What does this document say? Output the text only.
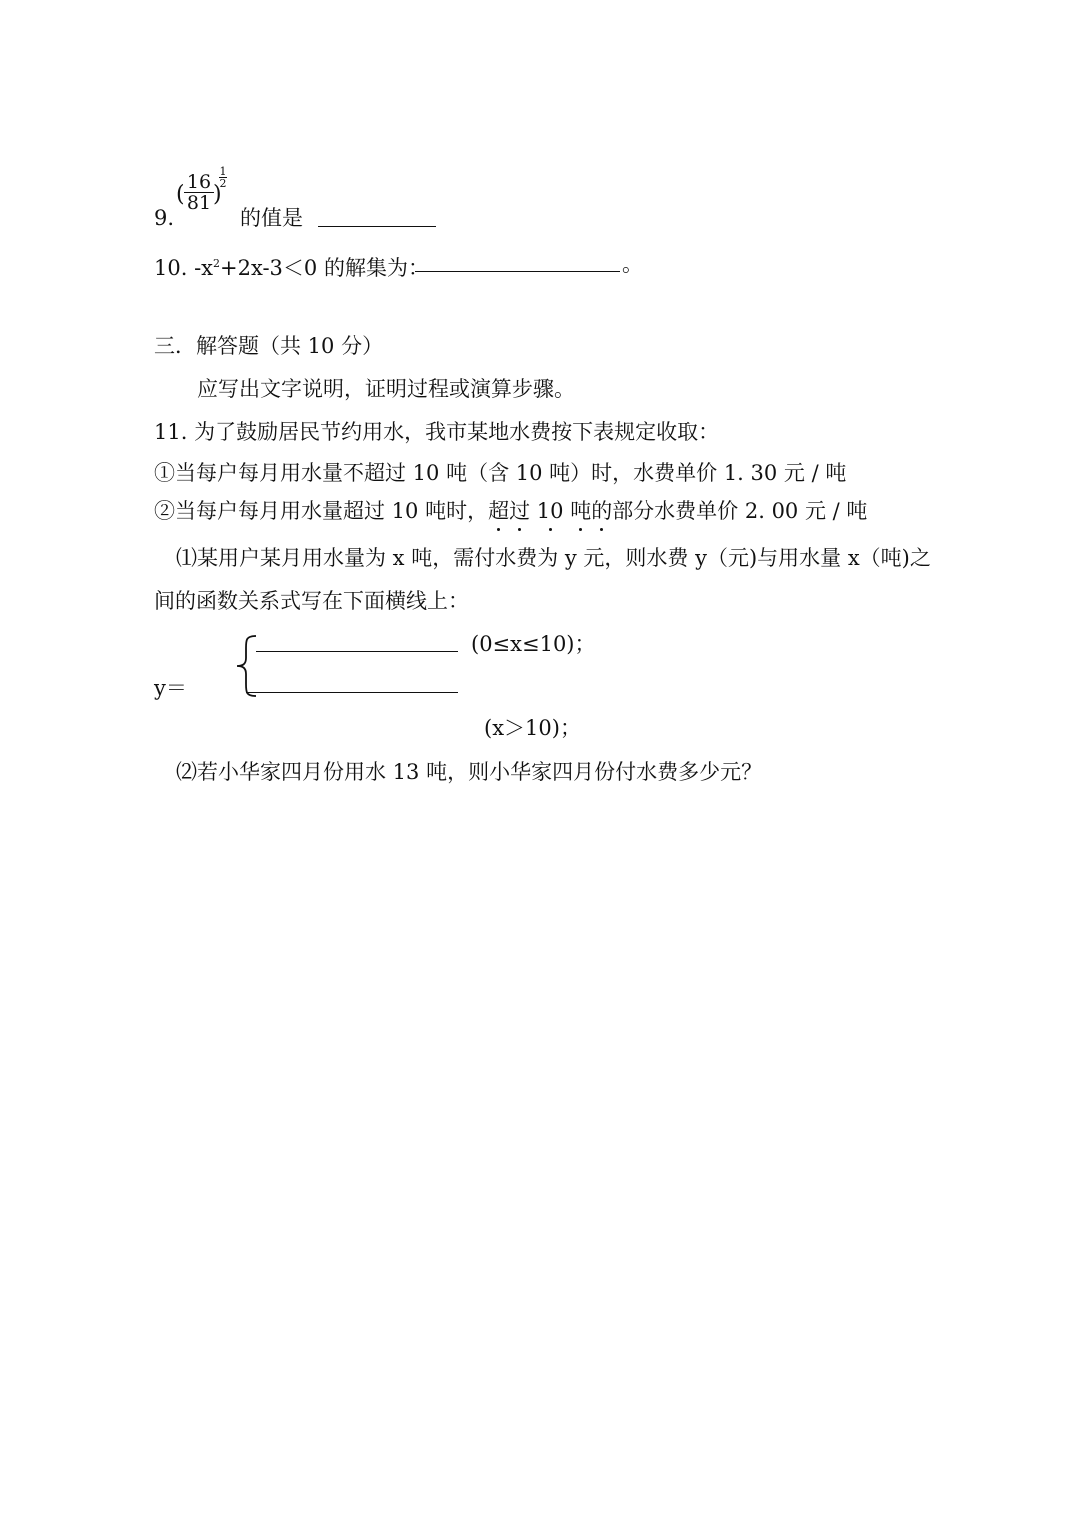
9.
( $\frac{16}{81}$ )
$\frac{1}{2}$
的值是
10. $-x^2+2x-3<0$ 的解集为：	。
三．解答题（共 10 分）
应写出文字说明，证明过程或演算步骤。
11. 为了鼓励居民节约用水，我市某地水费按下表规定收取：
①当每户每月用水量不超过 10 吨（含 10 吨）时，水费单价 1. 30 元 / 吨
②当每户每月用水量超过 10 吨时，超过 10 吨的部分水费单价 2. 00 元 / 吨
⑴某用户某月用水量为 x 吨，需付水费为 y 元，则水费 y（元)与用水量 x（吨)之
间的函数关系式写在下面横线上：
(0≤x≤10)；
y＝
(x＞10)；
⑵若小华家四月份用水 13 吨，则小华家四月份付水费多少元？
